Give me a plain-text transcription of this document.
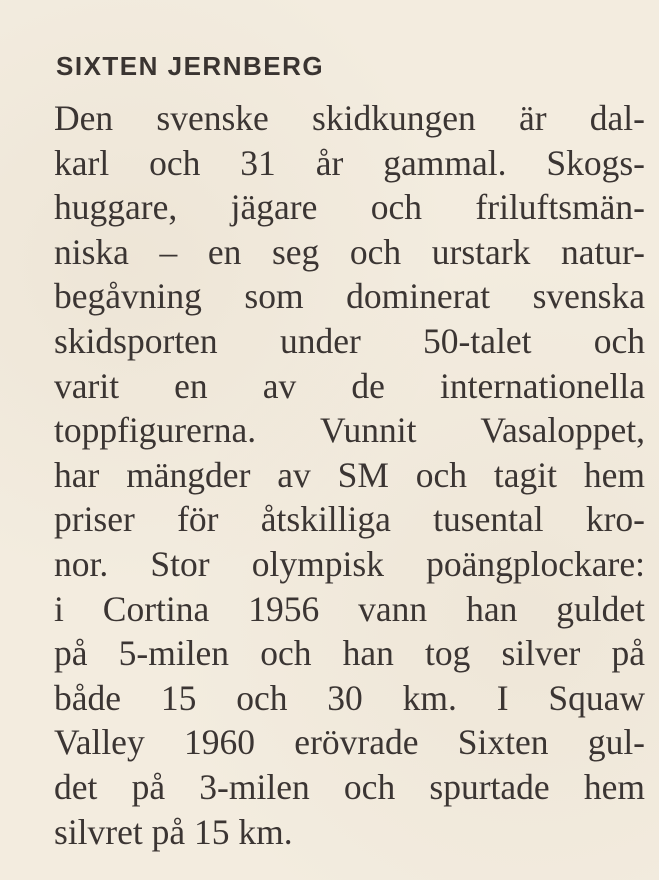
SIXTEN JERNBERG
Den svenske skidkungen är dal-
karl och 31 år gammal. Skogs-
huggare, jägare och friluftsmän-
niska – en seg och urstark natur-
begåvning som dominerat svenska
skidsporten under 50-talet och
varit en av de internationella
toppfigurerna. Vunnit Vasaloppet,
har mängder av SM och tagit hem
priser för åtskilliga tusental kro-
nor. Stor olympisk poängplockare:
i Cortina 1956 vann han guldet
på 5-milen och han tog silver på
både 15 och 30 km. I Squaw
Valley 1960 erövrade Sixten gul-
det på 3-milen och spurtade hem
silvret på 15 km.
